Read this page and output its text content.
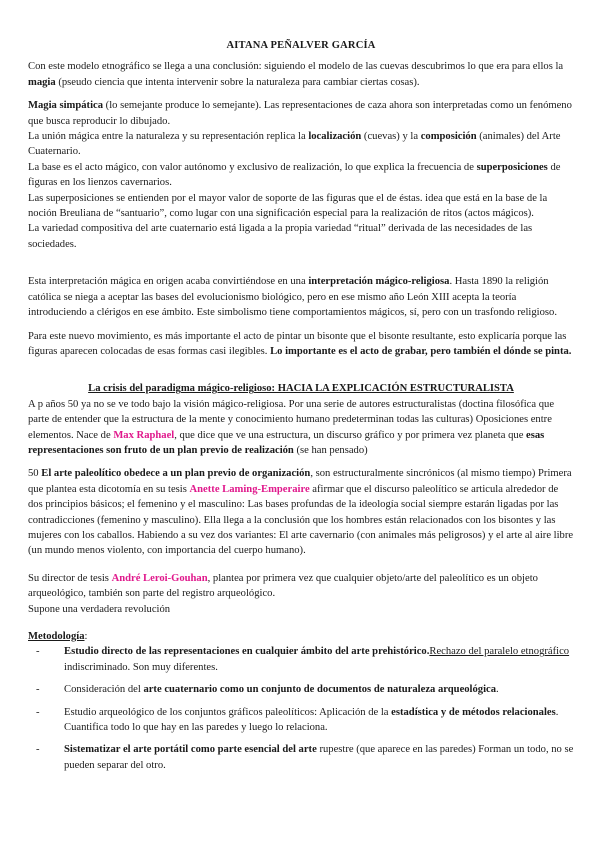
AITANA PEÑALVER GARCÍA

Con este modelo etnográfico se llega a una conclusión: siguiendo el modelo de las cuevas descubrimos lo que era para ellos la magia (pseudo ciencia que intenta intervenir sobre la naturaleza para cambiar ciertas cosas).

Magia simpática (lo semejante produce lo semejante). Las representaciones de caza ahora son interpretadas como un fenómeno que busca reproducir lo dibujado.

La unión mágica entre la naturaleza y su representación replica la localización (cuevas) y la composición (animales) del Arte Cuaternario.

La base es el acto mágico, con valor autónomo y exclusivo de realización, lo que explica la frecuencia de superposiciones de figuras en los lienzos cavernarios.

Las superposiciones se entienden por el mayor valor de soporte de las figuras que el de éstas. idea que está en la base de la noción Breuliana de “santuario”, como lugar con una significación especial para la realización de ritos (actos mágicos).

La variedad compositiva del arte cuaternario está ligada a la propia variedad “ritual” derivada de las necesidades de las sociedades.

Esta interpretación mágica en origen acaba convirtiéndose en una interpretación mágico-religiosa. Hasta 1890 la religión católica se niega a aceptar las bases del evolucionismo biológico, pero en ese mismo año León XIII acepta la teoría introduciendo a clérigos en ese ámbito. Este simbolismo tiene comportamientos mágicos, sí, pero con un trasfondo religioso.

Para este nuevo movimiento, es más importante el acto de pintar un bisonte que el bisonte resultante, esto explicaría porque las figuras aparecen colocadas de esas formas casi ilegibles. Lo importante es el acto de grabar, pero también el dónde se pinta.

La crisis del paradigma mágico-religioso: HACIA LA EXPLICACIÓN ESTRUCTURALISTA

A p años 50 ya no se ve todo bajo la visión mágico-religiosa. Por una serie de autores estructuralistas (doctina filosófica que parte de entender que la estructura de la mente y conocimiento humano predeterminan todas las culturas) Oposiciones entre elementos. Nace de Max Raphael, que dice que ve una estructura, un discurso gráfico y por primera vez planeta que esas representaciones son fruto de un plan previo de realización (se han pensado)

50 El arte paleolítico obedece a un plan previo de organización, son estructuralmente sincrónicos (al mismo tiempo) Primera que plantea esta dicotomía en su tesis Anette Laming-Emperaire afirmar que el discurso paleolítico se articula alrededor de dos principios básicos; el femenino y el masculino: Las bases profundas de la ideología social siempre estarán ligadas por las contradicciones (femenino y masculino). Ella llega a la conclusión que los hombres están relacionados con los bisontes y las mujeres con los caballos. Habiendo a su vez dos variantes: El arte cavernario (con animales más peligrosos) y el arte al aire libre (un mundo menos violento, con importancia del cuerpo humano).

Su director de tesis André Leroi-Gouhan, plantea por primera vez que cualquier objeto/arte del paleolítico es un objeto arqueológico, también son parte del registro arqueológico.

Supone una verdadera revolución

Metodología:

- Estudio directo de las representaciones en cualquier ámbito del arte prehistórico.Rechazo del paralelo etnográfico indiscriminado. Son muy diferentes.
- Consideración del arte cuaternario como un conjunto de documentos de naturaleza arqueológica.
- Estudio arqueológico de los conjuntos gráficos paleolíticos: Aplicación de la estadística y de métodos relacionales. Cuantifica todo lo que hay en las paredes y luego lo relaciona.
- Sistematizar el arte portátil como parte esencial del arte rupestre (que aparece en las paredes) Forman un todo, no se pueden separar del otro.
